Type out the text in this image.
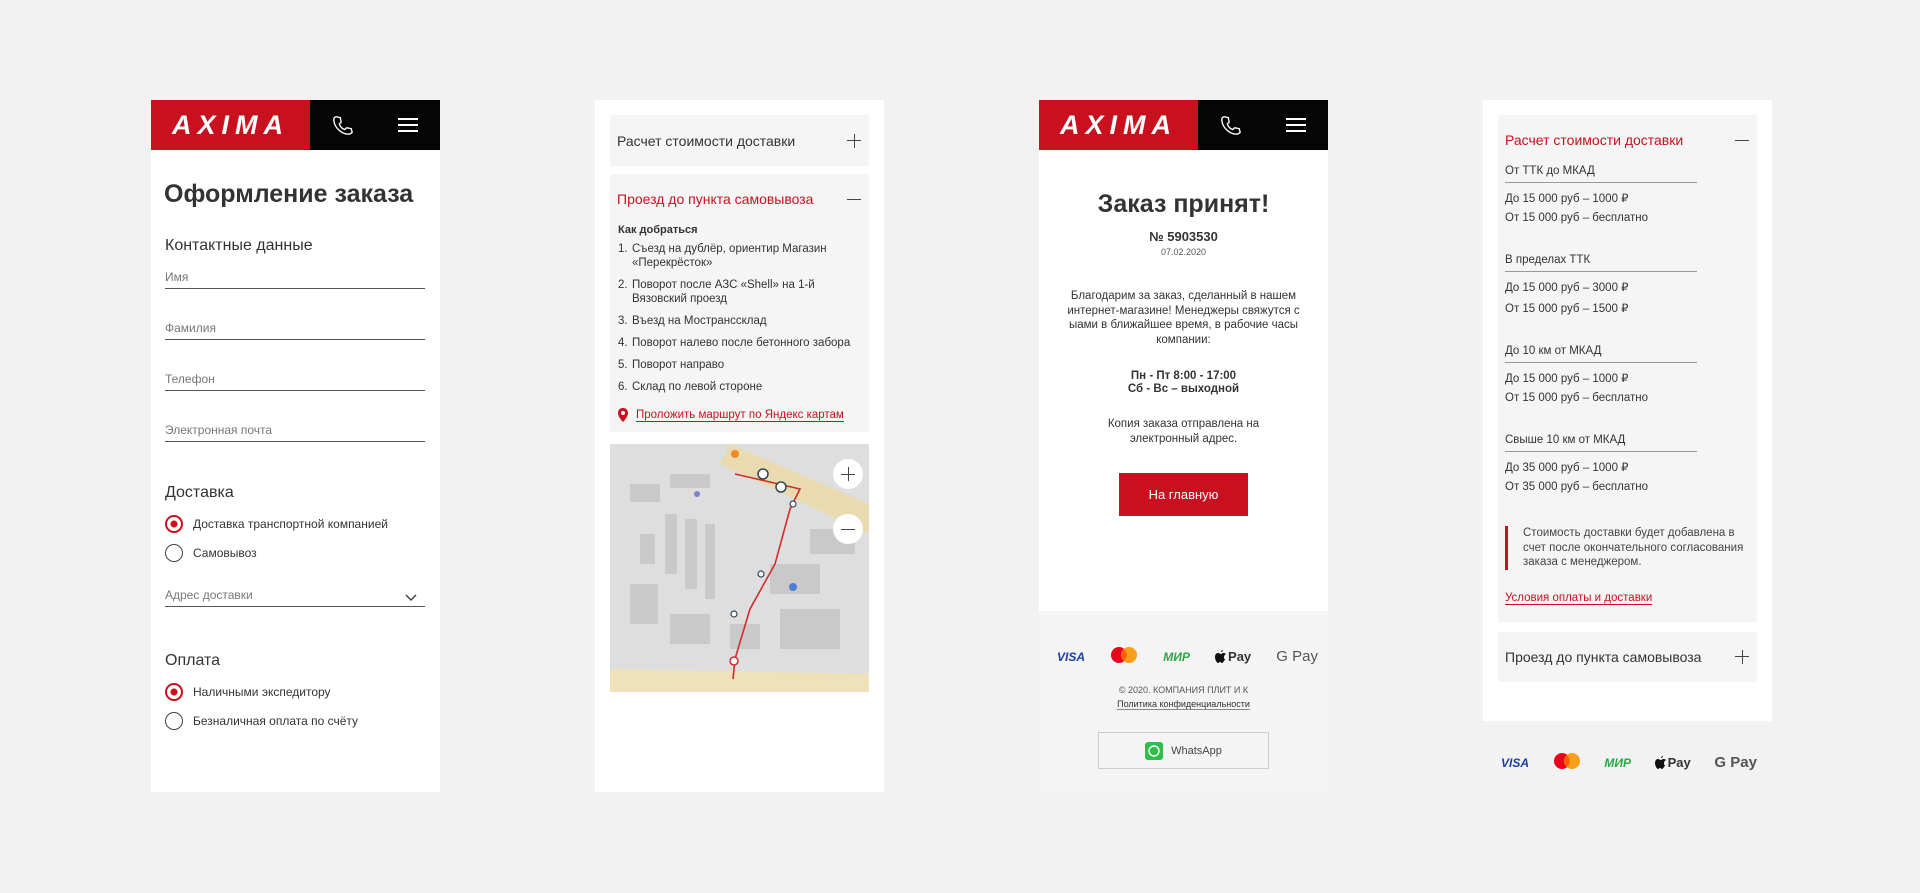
AXIMA
Оформление заказа
Контактные данные
Имя
Фамилия
Телефон
Электронная почта
Доставка
Доставка транспортной компанией
Самовывоз
Адрес доставки
Оплата
Наличными экспедитору
Безналичная оплата по счёту
Расчет стоимости доставки
Проезд до пункта самовывоза
Как добраться
1. Съезд на дублёр, ориентир Магазин «Перекрёсток»
2. Поворот после АЗС «Shell» на 1-й Вязовский проезд
3. Въезд на Мостранссклад
4. Поворот налево после бетонного забора
5. Поворот направо
6. Склад по левой стороне
Проложить маршрут по Яндекс картам
AXIMA
Заказ принят!
№ 5903530
07.02.2020
Благодарим за заказ, сделанный в нашем интернет-магазине! Менеджеры свяжутся с ыами в ближайшее время, в рабочие часы компании:
Пн - Пт 8:00 - 17:00
Сб - Вс – выходной
Копия заказа отправлена на электронный адрес.
На главную
VISA	МИР	Pay G Pay
© 2020. КОМПАНИЯ ПЛИТ И К
Политика конфиденциальности
WhatsApp
Расчет стоимости доставки
От ТТК до МКАД
До 15 000 руб – 1000 ₽
От 15 000 руб – бесплатно
В пределах ТТК
До 15 000 руб – 3000 ₽
От 15 000 руб – 1500 ₽
До 10 км от МКАД
До 15 000 руб – 1000 ₽
От 15 000 руб – бесплатно
Свыше 10 км от МКАД
До 35 000 руб – 1000 ₽
От 35 000 руб – бесплатно
Стоимость доставки будет добавлена в счет после окончательного согласования заказа с менеджером.
Условия оплаты и доставки
Проезд до пункта самовывоза
VISA	МИР	Pay G Pay
